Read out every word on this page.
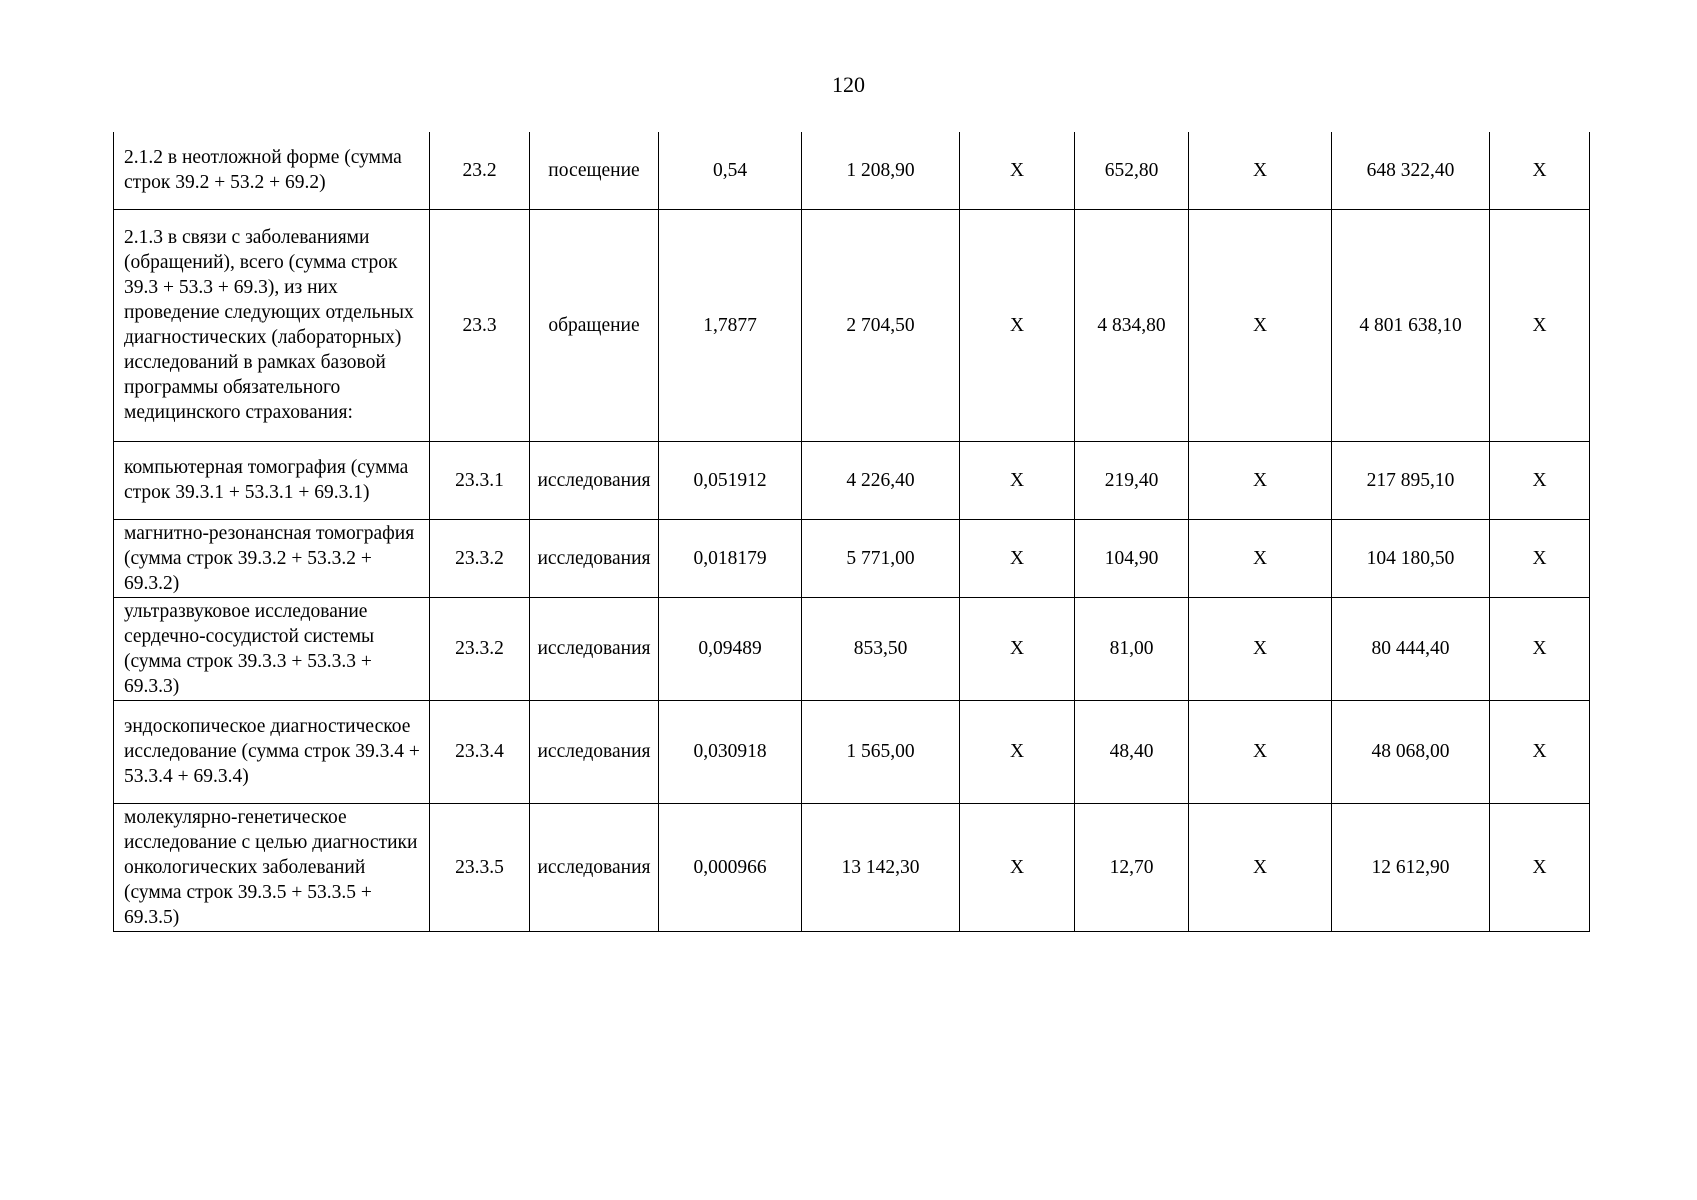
120
2.1.2 в неотложной форме (сумма строк 39.2 + 53.2 + 69.2)	23.2	посещение	0,54	1 208,90	Х	652,80	Х	648 322,40	Х
2.1.3 в связи с заболеваниями (обращений), всего (сумма строк 39.3 + 53.3 + 69.3), из них проведение следующих отдельных диагностических (лабораторных) исследований в рамках базовой программы обязательного медицинского страхования:	23.3	обращение	1,7877	2 704,50	Х	4 834,80	Х	4 801 638,10	Х
компьютерная томография (сумма строк 39.3.1 + 53.3.1 + 69.3.1)	23.3.1	исследования	0,051912	4 226,40	Х	219,40	Х	217 895,10	Х
магнитно-резонансная томография (сумма строк 39.3.2 + 53.3.2 + 69.3.2)	23.3.2	исследования	0,018179	5 771,00	Х	104,90	Х	104 180,50	Х
ультразвуковое исследование сердечно-сосудистой системы (сумма строк 39.3.3 + 53.3.3 + 69.3.3)	23.3.2	исследования	0,09489	853,50	Х	81,00	Х	80 444,40	Х
эндоскопическое диагностическое исследование (сумма строк 39.3.4 + 53.3.4 + 69.3.4)	23.3.4	исследования	0,030918	1 565,00	Х	48,40	Х	48 068,00	Х
молекулярно-генетическое исследование с целью диагностики онкологических заболеваний (сумма строк 39.3.5 + 53.3.5 + 69.3.5)	23.3.5	исследования	0,000966	13 142,30	Х	12,70	Х	12 612,90	Х
